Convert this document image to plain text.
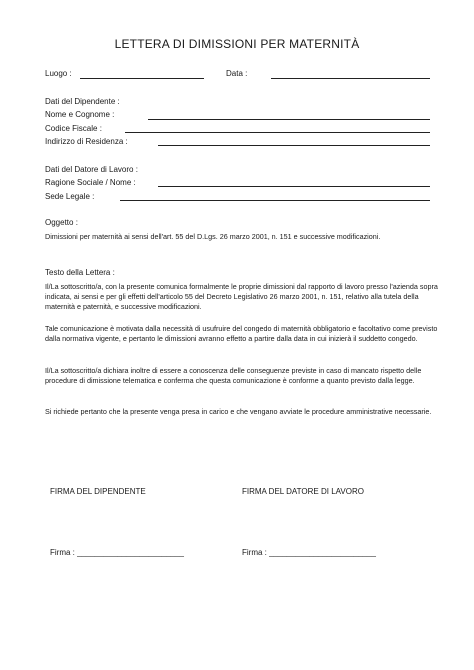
LETTERA DI DIMISSIONI PER MATERNITÀ
Luogo :	Data :
Dati del Dipendente :
Nome e Cognome :
Codice Fiscale :
Indirizzo di Residenza :
Dati del Datore di Lavoro :
Ragione Sociale / Nome :
Sede Legale :
Oggetto :
Dimissioni per maternità ai sensi dell'art. 55 del D.Lgs. 26 marzo 2001, n. 151 e successive modificazioni.
Testo della Lettera :
Il/La sottoscritto/a, con la presente comunica formalmente le proprie dimissioni dal rapporto di lavoro presso l'azienda sopra indicata, ai sensi e per gli effetti dell'articolo 55 del Decreto Legislativo 26 marzo 2001, n. 151, relativo alla tutela della maternità e paternità, e successive modificazioni.
Tale comunicazione è motivata dalla necessità di usufruire del congedo di maternità obbligatorio e facoltativo come previsto dalla normativa vigente, e pertanto le dimissioni avranno effetto a partire dalla data in cui inizierà il suddetto congedo.
Il/La sottoscritto/a dichiara inoltre di essere a conoscenza delle conseguenze previste in caso di mancato rispetto delle procedure di dimissione telematica e conferma che questa comunicazione è conforme a quanto previsto dalla legge.
Si richiede pertanto che la presente venga presa in carico e che vengano avviate le procedure amministrative necessarie.
FIRMA DEL DIPENDENTE	FIRMA DEL DATORE DI LAVORO
Firma : ________________________	Firma : ________________________
